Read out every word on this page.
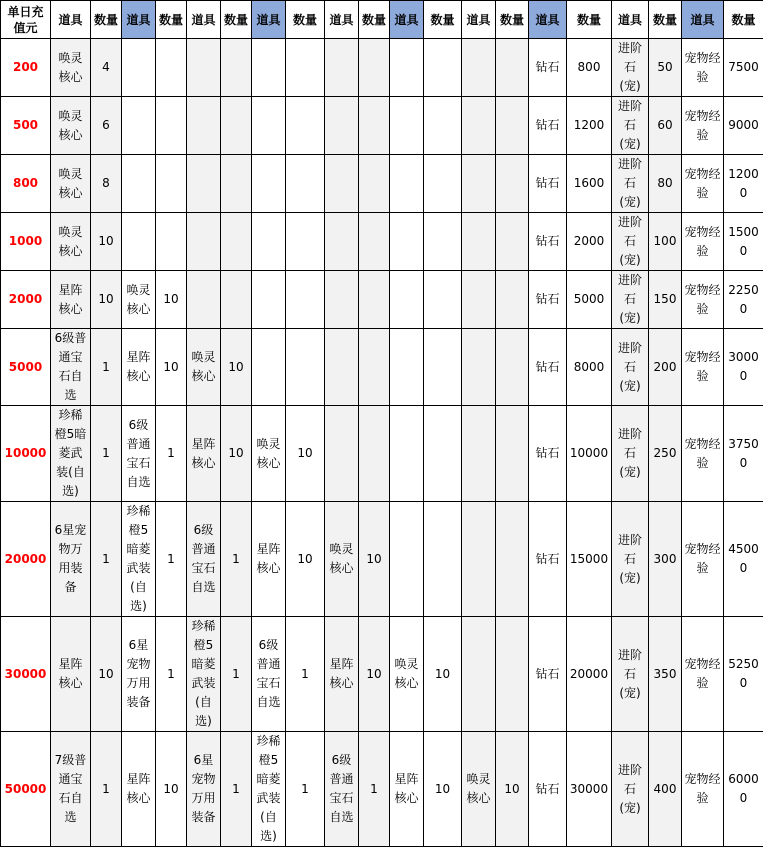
单日充值元	道具	数量	道具	数量	道具	数量	道具	数量	道具	数量	道具	数量	道具	数量	道具	数量	道具	数量	道具	数量
200	唤灵核心	4													钻石	800	进阶石(宠)	50	宠物经验	7500
500	唤灵核心	6													钻石	1200	进阶石(宠)	60	宠物经验	9000
800	唤灵核心	8													钻石	1600	进阶石(宠)	80	宠物经验	12000
1000	唤灵核心	10													钻石	2000	进阶石(宠)	100	宠物经验	15000
2000	星阵核心	10	唤灵核心	10											钻石	5000	进阶石(宠)	150	宠物经验	22500
5000	6级普通宝石自选	1	星阵核心	10	唤灵核心	10									钻石	8000	进阶石(宠)	200	宠物经验	30000
10000	珍稀橙5暗菱武装(自选)	1	6级普通宝石自选	1	星阵核心	10	唤灵核心	10							钻石	10000	进阶石(宠)	250	宠物经验	37500
20000	6星宠物万用装备	1	珍稀橙5暗菱武装(自选)	1	6级普通宝石自选	1	星阵核心	10	唤灵核心	10					钻石	15000	进阶石(宠)	300	宠物经验	45000
30000	星阵核心	10	6星宠物万用装备	1	珍稀橙5暗菱武装(自选)	1	6级普通宝石自选	1	星阵核心	10	唤灵核心	10			钻石	20000	进阶石(宠)	350	宠物经验	52500
50000	7级普通宝石自选	1	星阵核心	10	6星宠物万用装备	1	珍稀橙5暗菱武装(自选)	1	6级普通宝石自选	1	星阵核心	10	唤灵核心	10	钻石	30000	进阶石(宠)	400	宠物经验	60000
